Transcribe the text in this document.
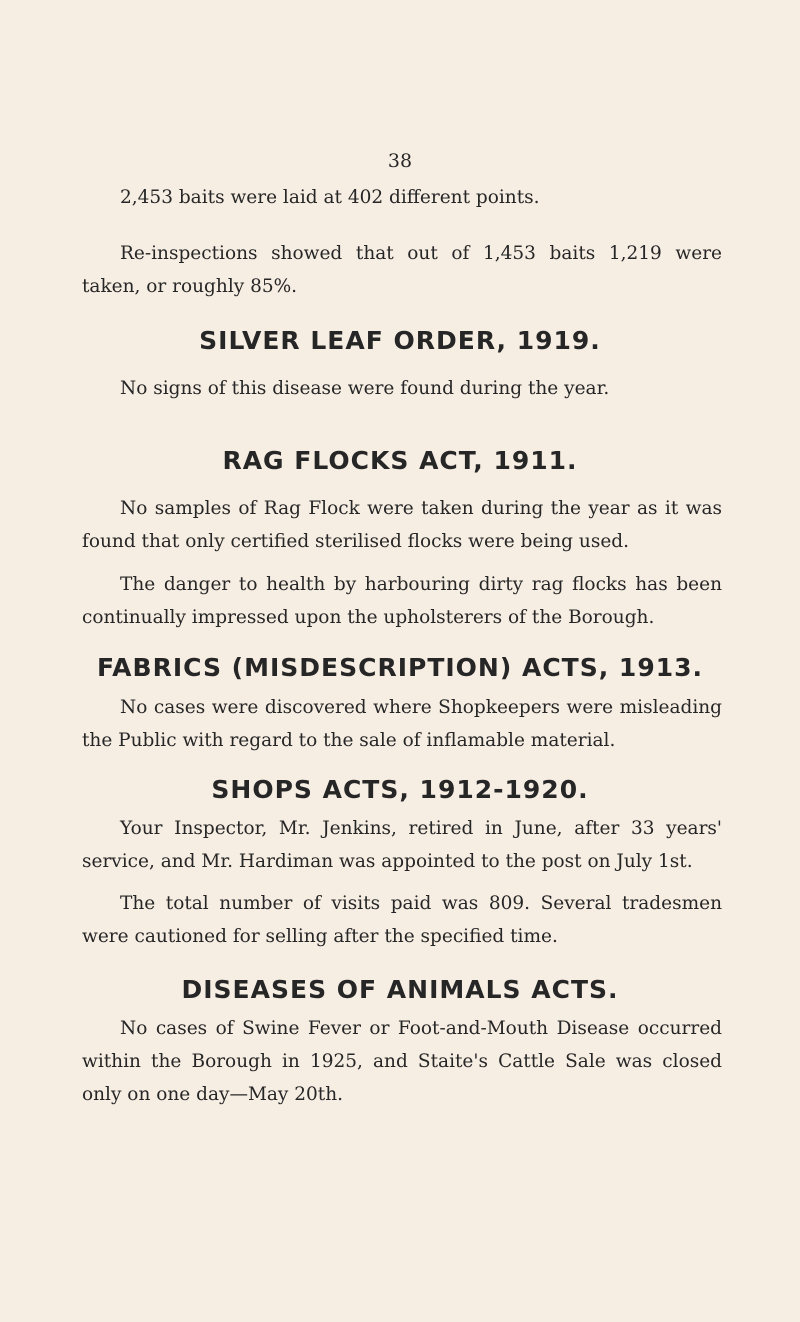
38

2,453 baits were laid at 402 different points.

Re-inspections showed that out of 1,453 baits 1,219 were taken, or roughly 85%.

SILVER LEAF ORDER, 1919.

No signs of this disease were found during the year.

RAG FLOCKS ACT, 1911.

No samples of Rag Flock were taken during the year as it was found that only certified sterilised flocks were being used.

The danger to health by harbouring dirty rag flocks has been continually impressed upon the upholsterers of the Borough.

FABRICS (MISDESCRIPTION) ACTS, 1913.

No cases were discovered where Shopkeepers were misleading the Public with regard to the sale of inflamable material.

SHOPS ACTS, 1912-1920.

Your Inspector, Mr. Jenkins, retired in June, after 33 years' service, and Mr. Hardiman was appointed to the post on July 1st.

The total number of visits paid was 809. Several tradesmen were cautioned for selling after the specified time.

DISEASES OF ANIMALS ACTS.

No cases of Swine Fever or Foot-and-Mouth Disease occurred within the Borough in 1925, and Staite's Cattle Sale was closed only on one day—May 20th.
